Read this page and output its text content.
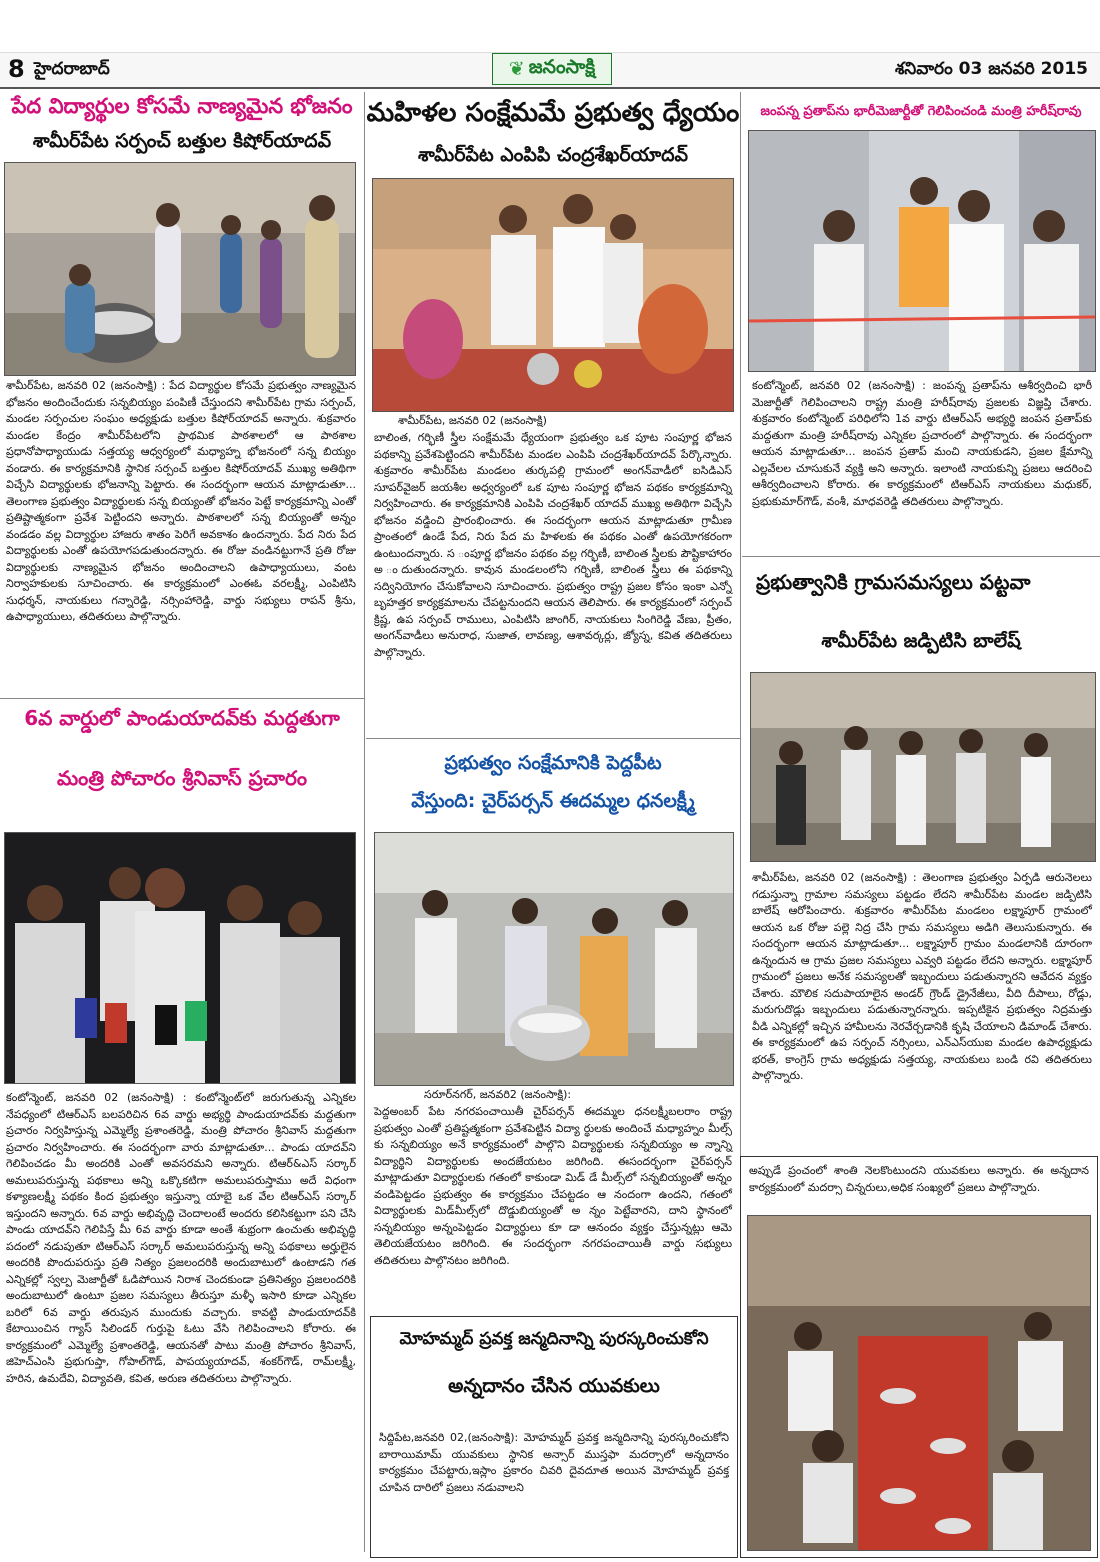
8 హైదరాబాద్	❦ జనంసాక్షి	శనివారం 03 జనవరి 2015
పేద విద్యార్థుల కోసమే నాణ్యమైన భోజనం
శామీర్‌పేట సర్పంచ్ బత్తుల కిషోర్‌యాదవ్

శామీర్‌పేట, జనవరి 02 (జనంసాక్షి) : పేద విద్యార్థుల కోసమే ప్రభుత్వం నాణ్యమైన భోజనం అందించేందుకు సన్నబియ్యం పంపిణీ చేస్తుందని శామీర్‌పేట గ్రామ సర్పంచ్, మండల సర్పంచుల సంఘం అధ్యక్షుడు బత్తుల కిషోర్‌యాదవ్ అన్నారు. శుక్రవారం మండల కేంద్రం శామీర్‌పేటలోని ప్రాథమిక పాఠశాలలో ఆ పాఠశాల ప్రధానోపాధ్యాయుడు సత్తయ్య ఆధ్వర్యంలో మధ్యాహ్న భోజనంలో సన్న బియ్యం వండారు. ఈ కార్యక్రమానికి స్థానిక సర్పంచ్ బత్తుల కిషోర్‌యాదవ్ ముఖ్య అతిథిగా విచ్చేసి విద్యార్థులకు భోజనాన్ని పెట్టారు. ఈ సందర్భంగా ఆయన మాట్లాడుతూ... తెలంగాణ ప్రభుత్వం విద్యార్థులకు సన్న బియ్యంతో భోజనం పెట్టే కార్యక్రమాన్ని ఎంతో ప్రతిష్టాత్మకంగా ప్రవేశ పెట్టిందని అన్నారు. పాఠశాలలో సన్న బియ్యంతో అన్నం వండడం వల్ల విద్యార్థుల హాజరు శాతం పెరిగే అవకాశం ఉందన్నారు. పేద నిరు పేద విద్యార్థులకు ఎంతో ఉపయోగపడుతుందన్నారు. ఈ రోజు వండినట్టుగానే ప్రతి రోజు విద్యార్థులకు నాణ్యమైన భోజనం అందించాలని ఉపాధ్యాయులు, వంట నిర్వాహకులకు సూచించారు. ఈ కార్యక్రమంలో ఎంఈఓ వరలక్ష్మీ, ఎంపిటిసి సుధర్శన్, నాయకులు గన్నారెడ్డి, నర్సింహారెడ్డి, వార్డు సభ్యులు రాపన్ శ్రీను, ఉపాధ్యాయులు, తదితరులు పాల్గొన్నారు.

6వ వార్డులో పాండుయాదవ్‌కు మద్దతుగా
మంత్రి పోచారం శ్రీనివాస్ ప్రచారం

కంటోన్మెంట్, జనవరి 02 (జనంసాక్షి) : కంటోన్మెంట్‌లో జరుగుతున్న ఎన్నికల నేపధ్యంలో టిఆర్ఎస్ బలపరిచిన 6వ వార్డు అభ్యర్థి పాండుయాదవ్‌కు మద్దతుగా ప్రచారం నిర్వహిస్తున్న ఎమ్మెల్యే ప్రశాంతరెడ్డి, మంత్రి పోచారం శ్రీనివాస్ మద్దతుగా ప్రచారం నిర్వహించారు. ఈ సందర్భంగా వారు మాట్లాడుతూ... పాండు యాదవ్‌ని గెలిపించడం మీ అందరికి ఎంతో అవసరమని అన్నారు. టిఆర్&ఎస్ సర్కార్ అమలుపరుస్తున్న పథకాలు అన్ని ఒక్కొకటిగా అమలుపరుస్తాము అదే విధంగా కళ్యాణలక్ష్మీ పథకం కింద ప్రభుత్వం ఇస్తున్నా యాబై ఒక వేల టిఆర్ఎస్ సర్కార్ ఇస్తుందని అన్నారు. 6వ వార్డు అభివృద్ధి చెందాలంటే అందరు కలిసికట్టుగా పని చేసి పాండు యాదవ్‌ని గెలిపిస్తే మీ 6వ వార్డు కూడా అంతే శుభ్రంగా ఉంచుతు అభివృద్ధి పదంలో నడుపుతూ టిఆర్ఎస్ సర్కార్ అమలుపరుస్తున్న అన్ని పథకాలు అర్హులైన అందరికి పొందుపరుస్తు ప్రతి నిత్యం ప్రజలందరికి అందుబాటులో ఉంటాడని గత ఎన్నికల్లో స్వల్ప మెజార్టీతో ఓడిపోయిన నిరాశ చెందకుండా ప్రతినిత్యం ప్రజలందరికి అందుబాటులో ఉంటూ ప్రజల సమస్యలు తీరుస్తూ మళ్ళీ ఇసారి కూడా ఎన్నికల బరిలో 6వ వార్డు తరుపున ముందుకు వచ్చారు. కావట్టి పాండుయాదవ్‌కి కేటాయించిన గ్యాస్ సిలిండర్ గుర్తుపై ఓటు వేసి గెలిపించాలని కోరారు. ఈ కార్యక్రమంలో ఎమ్మెల్యే ప్రశాంతరెడ్డి, ఆయనతో పాటు మంత్రి పోచారం శ్రీనివాస్, జిహెచ్ఎంసి ప్రభుగుప్తా, గోపాల్‌గౌడ్, పాపయ్యయాదవ్, శంకర్‌గౌడ్, రామ్‌లక్ష్మీ, హరిన, ఉమదేవి, విద్యావతి, కవిత, అరుణ తదితరులు పాల్గొన్నారు.

మహిళల సంక్షేమమే ప్రభుత్వ ధ్యేయం
శామీర్‌పేట ఎంపిపి చంద్రశేఖర్‌యాదవ్
శామీర్‌పేట, జనవరి 02 (జనంసాక్షి)

బాలింత, గర్భిణీ స్త్రీల సంక్షేమమే ధ్యేయంగా ప్రభుత్వం ఒక పూట సంపూర్ణ భోజన పథకాన్ని ప్రవేశపెట్టిందని శామీర్‌పేట మండల ఎంపిపి చంద్రశేఖర్‌యాదవ్ పేర్కొన్నారు. శుక్రవారం శామీర్‌పేట మండలం తుర్కపల్లి గ్రామంలో అంగన్‌వాడీలో ఐసిడిఎస్ సూపర్‌వైజర్ జయశీల అధ్వర్యంలో ఒక పూట సంపూర్ణ భోజన పథకం కార్యక్రమాన్ని నిర్వహించారు. ఈ కార్యక్రమానికి ఎంపిపి చంద్రశేఖర్ యాదవ్ ముఖ్య అతిథిగా విచ్చేసి భోజనం వడ్డించి ప్రారంభించారు. ఈ సందర్భంగా ఆయన మాట్లాడుతూ గ్రామీణ ప్రాంతంలో ఉండే పేద, నిరు పేద మ హిళలకు ఈ పథకం ఎంతో ఉపయోగకరంగా ఉంటుందన్నారు. స ంపూర్ణ భోజనం పథకం వల్ల గర్భిణీ, బాలింత స్త్రీలకు పౌష్టికాహారం అ ందుతుందన్నారు. కావున మండలంలోని గర్భిణీ, బాలింత స్త్రీలు ఈ పథకాన్ని సద్వినియోగం చేసుకోవాలని సూచించారు. ప్రభుత్వం రాష్ట్ర ప్రజల కోసం ఇంకా ఎన్నో బృహత్తర కార్యక్రమాలను చేపట్టనుందని ఆయన తెలిపారు. ఈ కార్యక్రమంలో సర్పంచ్ క్రిష్ణ, ఉప సర్పంచ్ రాములు, ఎంపిటిసి జాంగిర్, నాయకులు సింగిరెడ్డి వేణు, ప్రీతం, అంగన్‌వాడీలు అనురాధ, సుజాత, లావణ్య, ఆశావర్కర్లు, జ్యోస్న, కవిత తదితరులు పాల్గొన్నారు.

ప్రభుత్వం సంక్షేమానికి పెద్దపీట
వేస్తుంది: చైర్‌పర్సన్ ఈదమ్మల ధనలక్ష్మీ
సరూర్‌నగర్, జనవరి2 (జనంసాక్షి):

పెద్దఅంబర్ పేట నగరపంచాయితీ చైర్‌పర్సన్ ఈదమ్మల ధనలక్ష్మీబలరాం రాష్ట్ర ప్రభుత్వం ఎంతో ప్రతిష్టత్మకంగా ప్రవేశపెట్టిన విద్యా ర్థులకు అందించే మధ్యాహ్నం మీల్స్ కు సన్నబియ్యం అనే కార్యక్రమంలో పాల్గొని విద్యార్థులకు సన్నబియ్యం అ న్నాన్ని విద్యార్థిని విద్యార్థులకు అందజేయటం జరిగింది. ఈసందర్భంగా చైర్‌పర్సన్ మాట్లాడుతూ విద్యార్థులకు గతంలో కాకుండా మిడ్ డే మీల్స్‌లో సన్నబియ్యంతో అన్నం వండిపెట్టడం ప్రభుత్వం ఈ కార్యక్రమం చేపట్టడం ఆ నందంగా ఉందని, గతంలో విద్యార్థులకు మిడ్‌మీల్స్‌లో దొడ్డుబియ్యంతో అ న్నం పెట్టేవారని, దాని స్థానంలో సన్నబియ్యం అన్నంపెట్టడం విద్యార్థులు కూ డా ఆనందం వ్యక్తం చేస్తున్నట్లు ఆమె తెలియజేయటం జరిగింది. ఈ సందర్భంగా నగరపంచాయితీ వార్డు సభ్యులు తదితరులు పాల్గొనటం జరిగింది.

మోహమ్మద్ ప్రవక్త జన్మదినాన్ని పురస్కరించుకోని
అన్నదానం చేసిన యువకులు

సిద్దిపేట,జనవరి 02,(జనంసాక్షి): మోహమ్మద్ ప్రవక్త జన్మదినాన్ని పురస్కరించుకోని బారాయిమామ్ యువకులు స్థానిక అన్సార్ ముస్తఫా మదర్సాలో అన్నదానం కార్యక్రమం చేపట్టారు,ఇస్లాం ప్రకారం చివరి దైవదూత అయిన మోహమ్మద్ ప్రవక్త చూపిన దారిలో ప్రజలు నడువాలని

జంపన్న ప్రతాప్‌ను భారీమెజార్టీతో గెలిపించండి మంత్రి హరీష్‌రావు

కంటోన్మెంట్, జనవరి 02 (జనంసాక్షి) : జంపన్న ప్రతాప్‌ను ఆశీర్వదించి భారీ మెజార్టీతో గెలిపించాలని రాష్ట్ర మంత్రి హరీష్‌రావు ప్రజలకు విజ్ఞప్తి చేశారు. శుక్రవారం కంటోన్మెంట్ పరిధిలోని 1వ వార్డు టిఆర్ఎస్ అభ్యర్థి జంపన ప్రతాప్‌కు మద్దతుగా మంత్రి హరీష్‌రావు ఎన్నికల ప్రచారంలో పాల్గొన్నారు. ఈ సందర్భంగా ఆయన మాట్లాడుతూ... జంపన ప్రతాప్ మంచి నాయకుడని, ప్రజల క్షేమాన్ని ఎల్లవేలల చూసుకునే వ్యక్తి అని అన్నారు. ఇలాంటి నాయకున్ని ప్రజలు ఆదరించి ఆశీర్వదించాలని కోరారు. ఈ కార్యక్రమంలో టిఆర్ఎస్ నాయకులు మధుకర్, ప్రభుకుమార్‌గౌడ్, వంశీ, మాధవరెడ్డి తదితరులు పాల్గొన్నారు.

ప్రభుత్వానికి గ్రామసమస్యలు పట్టవా
శామీర్‌పేట జడ్పిటిసి బాలేష్

శామీర్‌పేట, జనవరి 02 (జనంసాక్షి) : తెలంగాణ ప్రభుత్వం ఏర్పడి ఆరునెలలు గడుస్తున్నా గ్రామాల సమస్యలు పట్టడం లేదని శామీర్‌పేట మండల జడ్పిటిసి బాలేష్ ఆరోపించారు. శుక్రవారం శామీర్‌పేట మండలం లక్ష్మాపూర్ గ్రామంలో ఆయన ఒక రోజు పల్లె నిద్ర చేసి గ్రామ సమస్యలు అడిగి తెలుసుకున్నారు. ఈ సందర్భంగా ఆయన మాట్లాడుతూ... లక్ష్మాపూర్ గ్రామం మండలానికి దూరంగా ఉన్నందున ఆ గ్రామ ప్రజల సమస్యలు ఎవ్వరి పట్టడం లేదని అన్నారు. లక్ష్మాపూర్ గ్రామంలో ప్రజలు అనేక సమస్యలతో ఇబ్బందులు పడుతున్నారని ఆవేదన వ్యక్తం చేశారు. మౌలిక సదుపాయాలైన అండర్ గ్రౌండ్ డ్రైనేజీలు, వీది దీపాలు, రోడ్లు, మరుగుదొడ్లు ఇబ్బందులు పడుతున్నారన్నారు. ఇప్పటికైన ప్రభుత్వం నిద్రమత్తు వీడి ఎన్నికల్లో ఇచ్చిన హామీలను నెరవేర్చడానికి కృషి చేయాలని డిమాండ్ చేశారు. ఈ కార్యక్రమంలో ఉప సర్పంచ్ నర్సింలు, ఎన్ఎస్‌యుఐ మండల ఉపాధ్యక్షుడు భరత్, కాంగ్రెస్ గ్రామ అధ్యక్షుడు సత్తయ్య, నాయకులు బండి రవి తదితరులు పాల్గొన్నారు.

అప్పుడే ప్రంచంలో శాంతి నెలకొంటుందని యువకులు అన్నారు. ఈ అన్నదాన కార్యక్రమంలో మదర్సా చిన్నరులు,అధిక సంఖ్యలో ప్రజలు పాల్గొన్నారు.
